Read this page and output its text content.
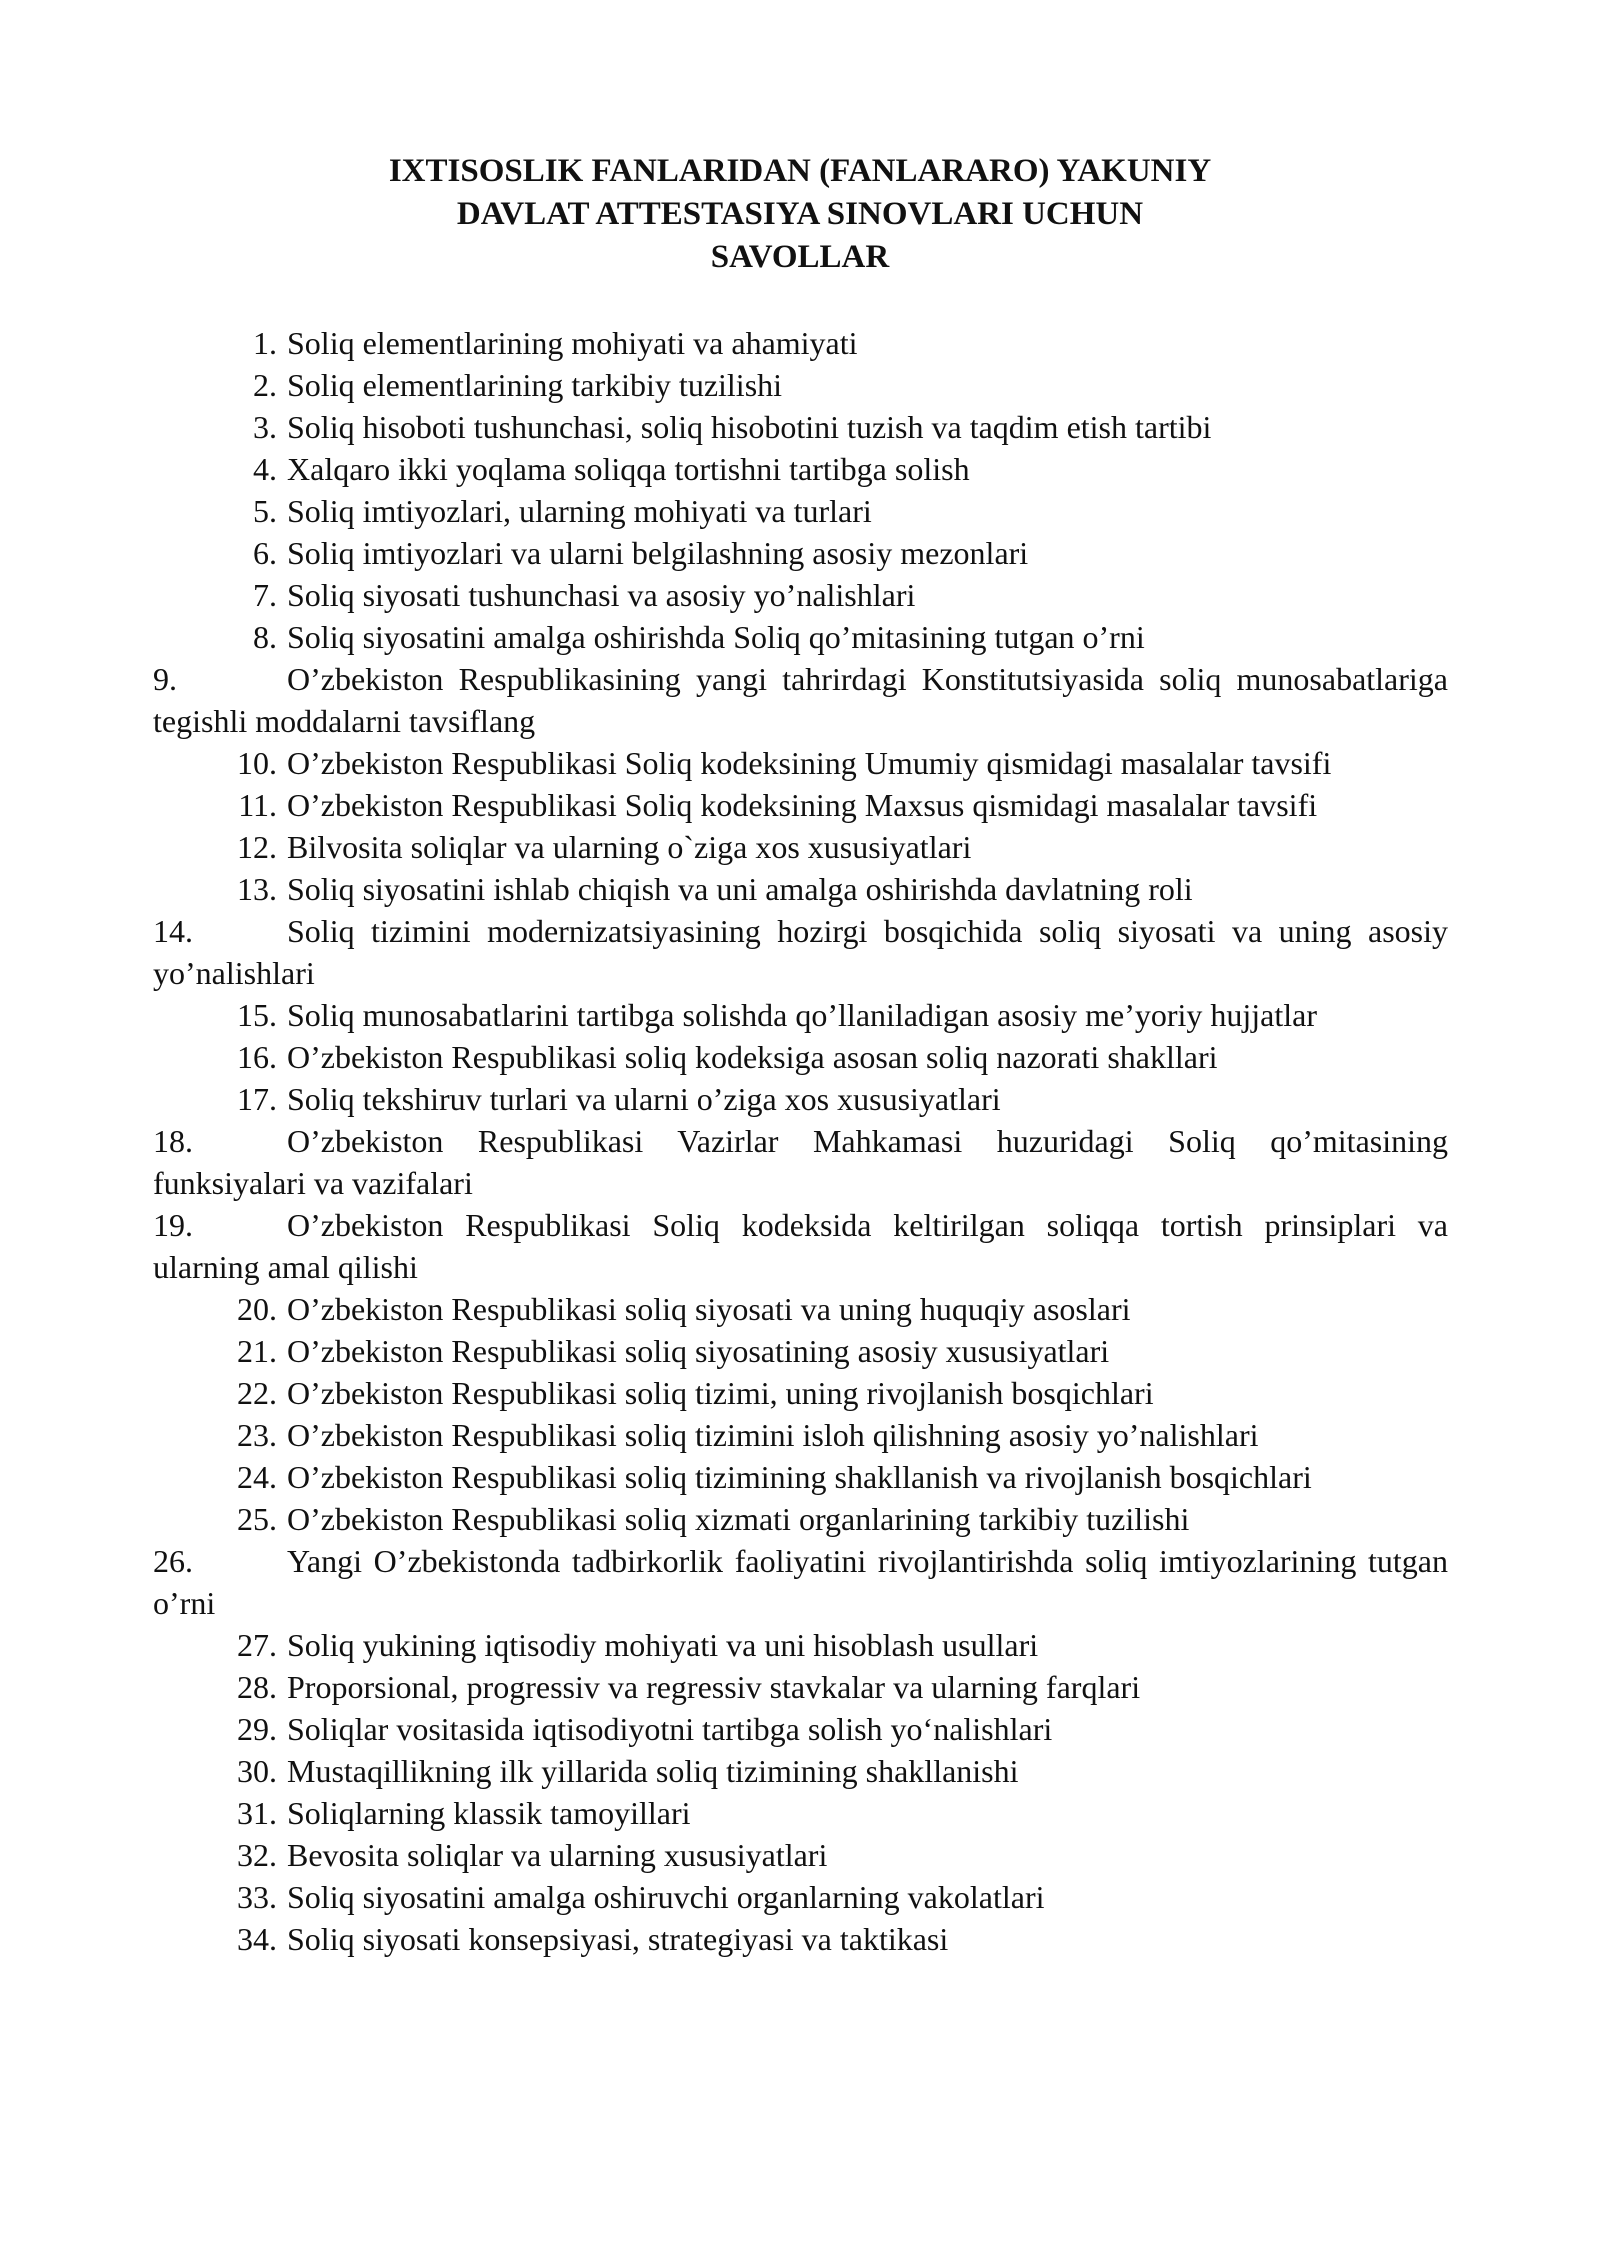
IXTISOSLIK FANLARIDAN (FANLARARO) YAKUNIY
DAVLAT ATTESTASIYA SINOVLARI UCHUN
SAVOLLAR
1. Soliq elementlarining mohiyati va ahamiyati
2. Soliq elementlarining tarkibiy tuzilishi
3. Soliq hisoboti tushunchasi, soliq hisobotini tuzish va taqdim etish tartibi
4. Xalqaro ikki yoqlama soliqqa tortishni tartibga solish
5. Soliq imtiyozlari, ularning mohiyati va turlari
6. Soliq imtiyozlari va ularni belgilashning asosiy mezonlari
7. Soliq siyosati tushunchasi va asosiy yo’nalishlari
8. Soliq siyosatini amalga oshirishda Soliq qo’mitasining tutgan o’rni
9.	O’zbekiston Respublikasining yangi tahrirdagi Konstitutsiyasida soliq munosabatlariga tegishli moddalarni tavsiflang
10. O’zbekiston Respublikasi Soliq kodeksining Umumiy qismidagi masalalar tavsifi
11. O’zbekiston Respublikasi Soliq kodeksining Maxsus qismidagi masalalar tavsifi
12. Bilvosita soliqlar va ularning o`ziga xos xususiyatlari
13. Soliq siyosatini ishlab chiqish va uni amalga oshirishda davlatning roli
14.	Soliq tizimini modernizatsiyasining hozirgi bosqichida soliq siyosati va uning asosiy yo’nalishlari
15. Soliq munosabatlarini tartibga solishda qo’llaniladigan asosiy me’yoriy hujjatlar
16. O’zbekiston Respublikasi soliq kodeksiga asosan soliq nazorati shakllari
17. Soliq tekshiruv turlari va ularni o’ziga xos xususiyatlari
18.	O’zbekiston Respublikasi Vazirlar Mahkamasi huzuridagi Soliq qo’mitasining funksiyalari va vazifalari
19.	O’zbekiston Respublikasi Soliq kodeksida keltirilgan soliqqa tortish prinsiplari va ularning amal qilishi
20. O’zbekiston Respublikasi soliq siyosati va uning huquqiy asoslari
21. O’zbekiston Respublikasi soliq siyosatining asosiy xususiyatlari
22. O’zbekiston Respublikasi soliq tizimi, uning rivojlanish bosqichlari
23. O’zbekiston Respublikasi soliq tizimini isloh qilishning asosiy yo’nalishlari
24. O’zbekiston Respublikasi soliq tizimining shakllanish va rivojlanish bosqichlari
25. O’zbekiston Respublikasi soliq xizmati organlarining tarkibiy tuzilishi
26.	Yangi O’zbekistonda tadbirkorlik faoliyatini rivojlantirishda soliq imtiyozlarining tutgan o’rni
27. Soliq yukining iqtisodiy mohiyati va uni hisoblash usullari
28. Proporsional, progressiv va regressiv stavkalar va ularning farqlari
29. Soliqlar vositasida iqtisodiyotni tartibga solish yo‘nalishlari
30. Mustaqillikning ilk yillarida soliq tizimining shakllanishi
31. Soliqlarning klassik tamoyillari
32. Bevosita soliqlar va ularning xususiyatlari
33. Soliq siyosatini amalga oshiruvchi organlarning vakolatlari
34. Soliq siyosati konsepsiyasi, strategiyasi va taktikasi
